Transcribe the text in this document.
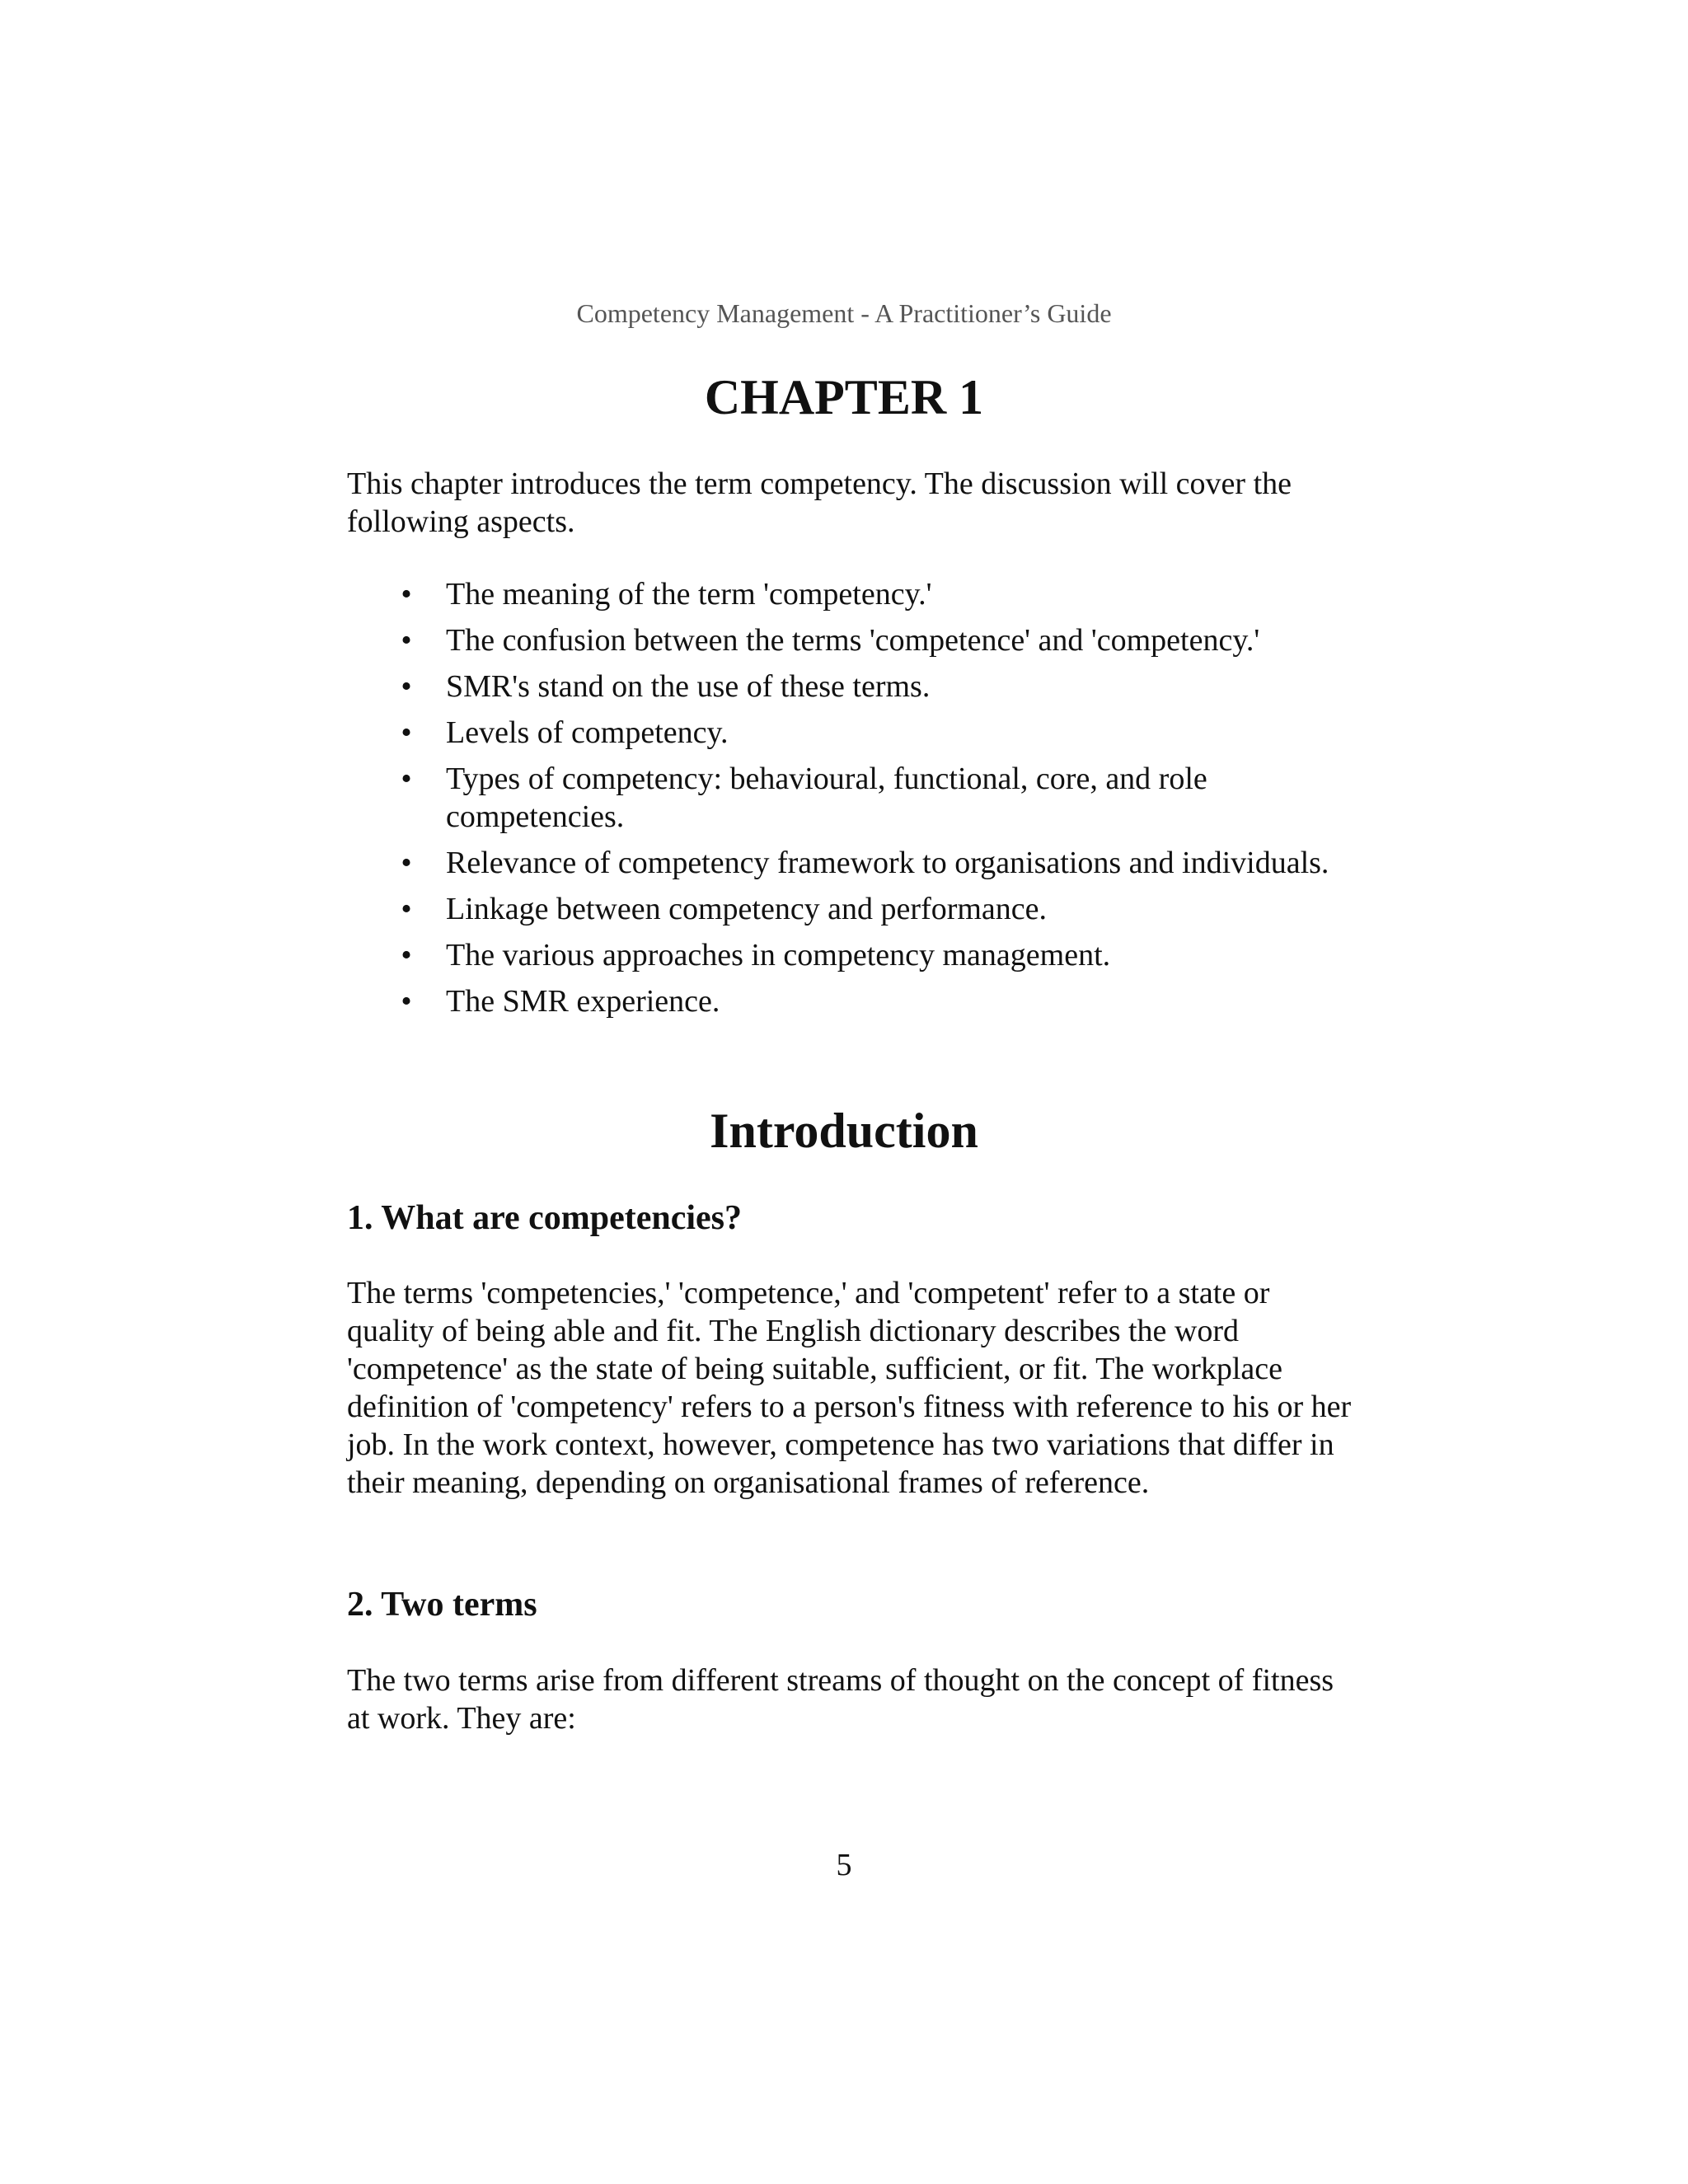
Competency Management - A Practitioner’s Guide
CHAPTER 1

This chapter introduces the term competency. The discussion will cover the following aspects.

• The meaning of the term 'competency.'
• The confusion between the terms 'competence' and 'competency.'
• SMR's stand on the use of these terms.
• Levels of competency.
• Types of competency: behavioural, functional, core, and role competencies.
• Relevance of competency framework to organisations and individuals.
• Linkage between competency and performance.
• The various approaches in competency management.
• The SMR experience.
Introduction
1. What are competencies?

The terms 'competencies,' 'competence,' and 'competent' refer to a state or quality of being able and fit. The English dictionary describes the word 'competence' as the state of being suitable, sufficient, or fit. The workplace definition of 'competency' refers to a person's fitness with reference to his or her job. In the work context, however, competence has two variations that differ in their meaning, depending on organisational frames of reference.

2. Two terms

The two terms arise from different streams of thought on the concept of fitness at work. They are:

5
